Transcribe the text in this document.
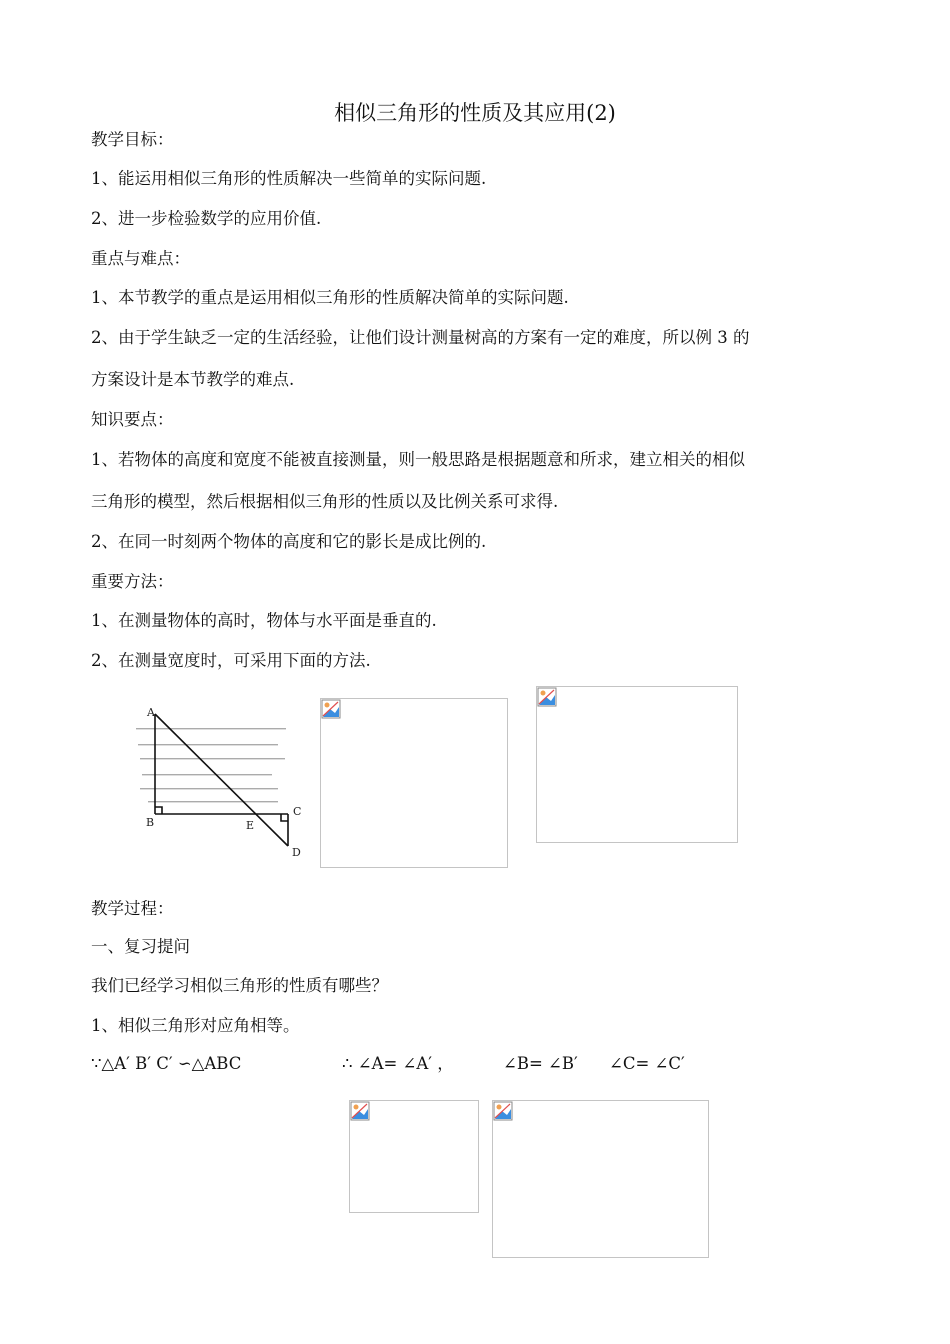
相似三角形的性质及其应用(2)
教学目标：
1、能运用相似三角形的性质解决一些简单的实际问题.
2、进一步检验数学的应用价值.
重点与难点：
1、本节教学的重点是运用相似三角形的性质解决简单的实际问题.
2、由于学生缺乏一定的生活经验，让他们设计测量树高的方案有一定的难度，所以例 3 的
方案设计是本节教学的难点.
知识要点：
1、若物体的高度和宽度不能被直接测量，则一般思路是根据题意和所求，建立相关的相似
三角形的模型，然后根据相似三角形的性质以及比例关系可求得.
2、在同一时刻两个物体的高度和它的影长是成比例的.
重要方法：
1、在测量物体的高时，物体与水平面是垂直的.
2、在测量宽度时，可采用下面的方法.
A
B
C
D
E
教学过程：
一、复习提问
我们已经学习相似三角形的性质有哪些？
1、相似三角形对应角相等。
∵△A′ B′ C′ ∽△ABC	∴ ∠A= ∠A′ ，	∠B= ∠B′ ∠C= ∠C′
